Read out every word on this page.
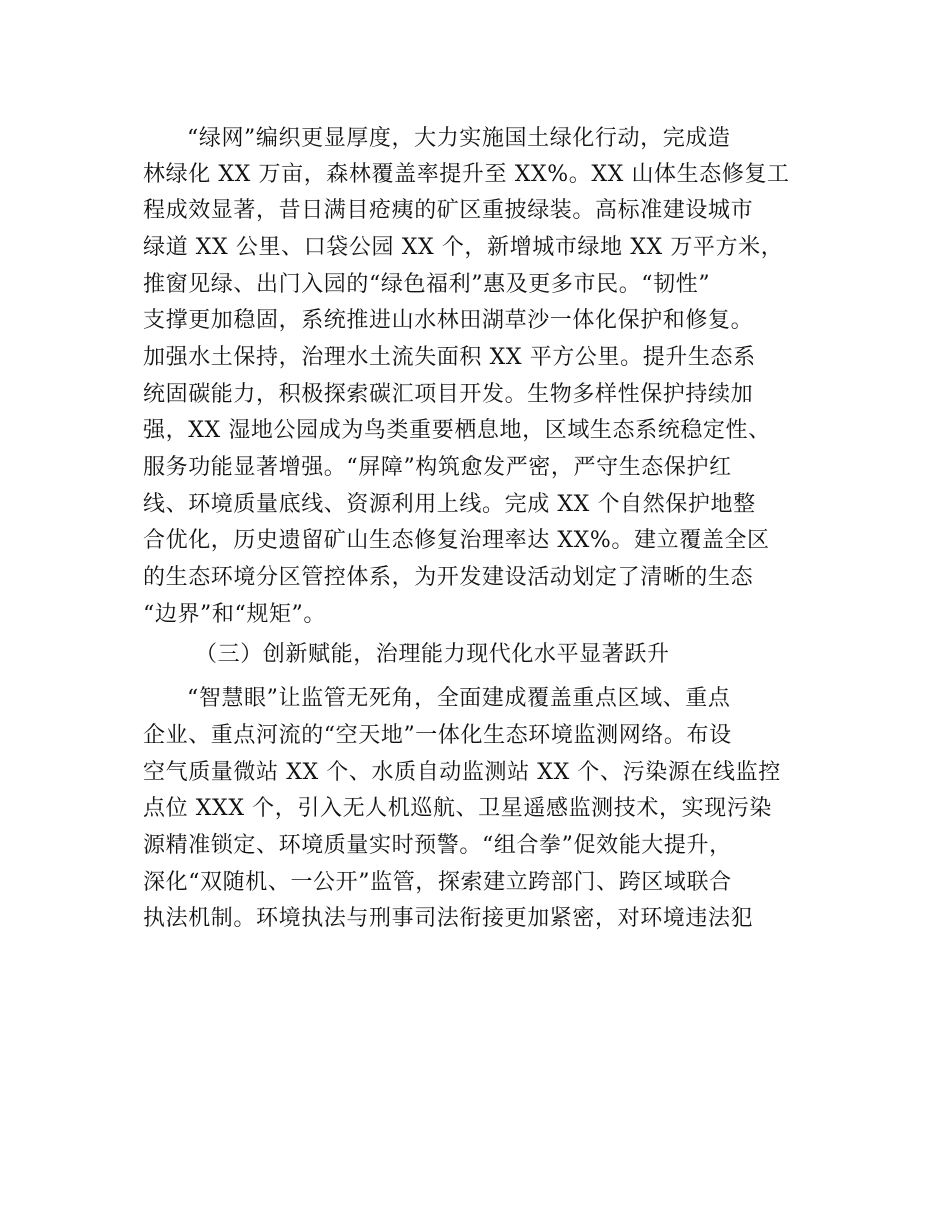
“绿网”编织更显厚度，大力实施国土绿化行动，完成造
林绿化 XX 万亩，森林覆盖率提升至 XX%。XX 山体生态修复工
程成效显著，昔日满目疮痍的矿区重披绿装。高标准建设城市
绿道 XX 公里、口袋公园 XX 个，新增城市绿地 XX 万平方米，
推窗见绿、出门入园的“绿色福利”惠及更多市民。“韧性”
支撑更加稳固，系统推进山水林田湖草沙一体化保护和修复。
加强水土保持，治理水土流失面积 XX 平方公里。提升生态系
统固碳能力，积极探索碳汇项目开发。生物多样性保护持续加
强，XX 湿地公园成为鸟类重要栖息地，区域生态系统稳定性、
服务功能显著增强。“屏障”构筑愈发严密，严守生态保护红
线、环境质量底线、资源利用上线。完成 XX 个自然保护地整
合优化，历史遗留矿山生态修复治理率达 XX%。建立覆盖全区
的生态环境分区管控体系，为开发建设活动划定了清晰的生态
“边界”和“规矩”。
（三）创新赋能，治理能力现代化水平显著跃升
“智慧眼”让监管无死角，全面建成覆盖重点区域、重点
企业、重点河流的“空天地”一体化生态环境监测网络。布设
空气质量微站 XX 个、水质自动监测站 XX 个、污染源在线监控
点位 XXX 个，引入无人机巡航、卫星遥感监测技术，实现污染
源精准锁定、环境质量实时预警。“组合拳”促效能大提升，
深化“双随机、一公开”监管，探索建立跨部门、跨区域联合
执法机制。环境执法与刑事司法衔接更加紧密，对环境违法犯
